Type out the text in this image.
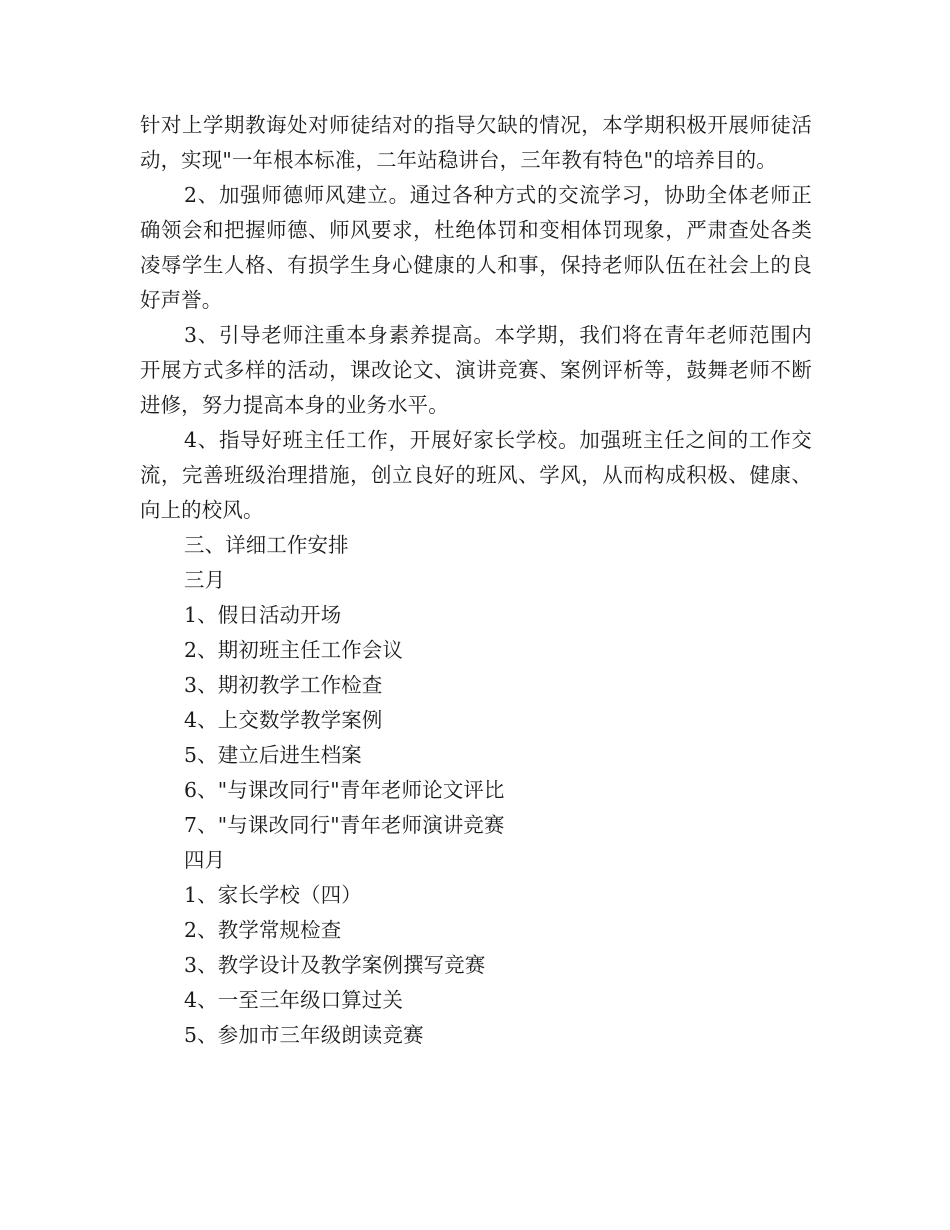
针对上学期教诲处对师徒结对的指导欠缺的情况，本学期积极开展师徒活动，实现"一年根本标准，二年站稳讲台，三年教有特色"的培养目的。

2、加强师德师风建立。通过各种方式的交流学习，协助全体老师正确领会和把握师德、师风要求，杜绝体罚和变相体罚现象，严肃查处各类凌辱学生人格、有损学生身心健康的人和事，保持老师队伍在社会上的良好声誉。

3、引导老师注重本身素养提高。本学期，我们将在青年老师范围内开展方式多样的活动，课改论文、演讲竞赛、案例评析等，鼓舞老师不断进修，努力提高本身的业务水平。

4、指导好班主任工作，开展好家长学校。加强班主任之间的工作交流，完善班级治理措施，创立良好的班风、学风，从而构成积极、健康、向上的校风。

三、详细工作安排

三月

1、假日活动开场

2、期初班主任工作会议

3、期初教学工作检查

4、上交数学教学案例

5、建立后进生档案

6、"与课改同行"青年老师论文评比

7、"与课改同行"青年老师演讲竞赛

四月

1、家长学校（四）

2、教学常规检查

3、教学设计及教学案例撰写竞赛

4、一至三年级口算过关

5、参加市三年级朗读竞赛
